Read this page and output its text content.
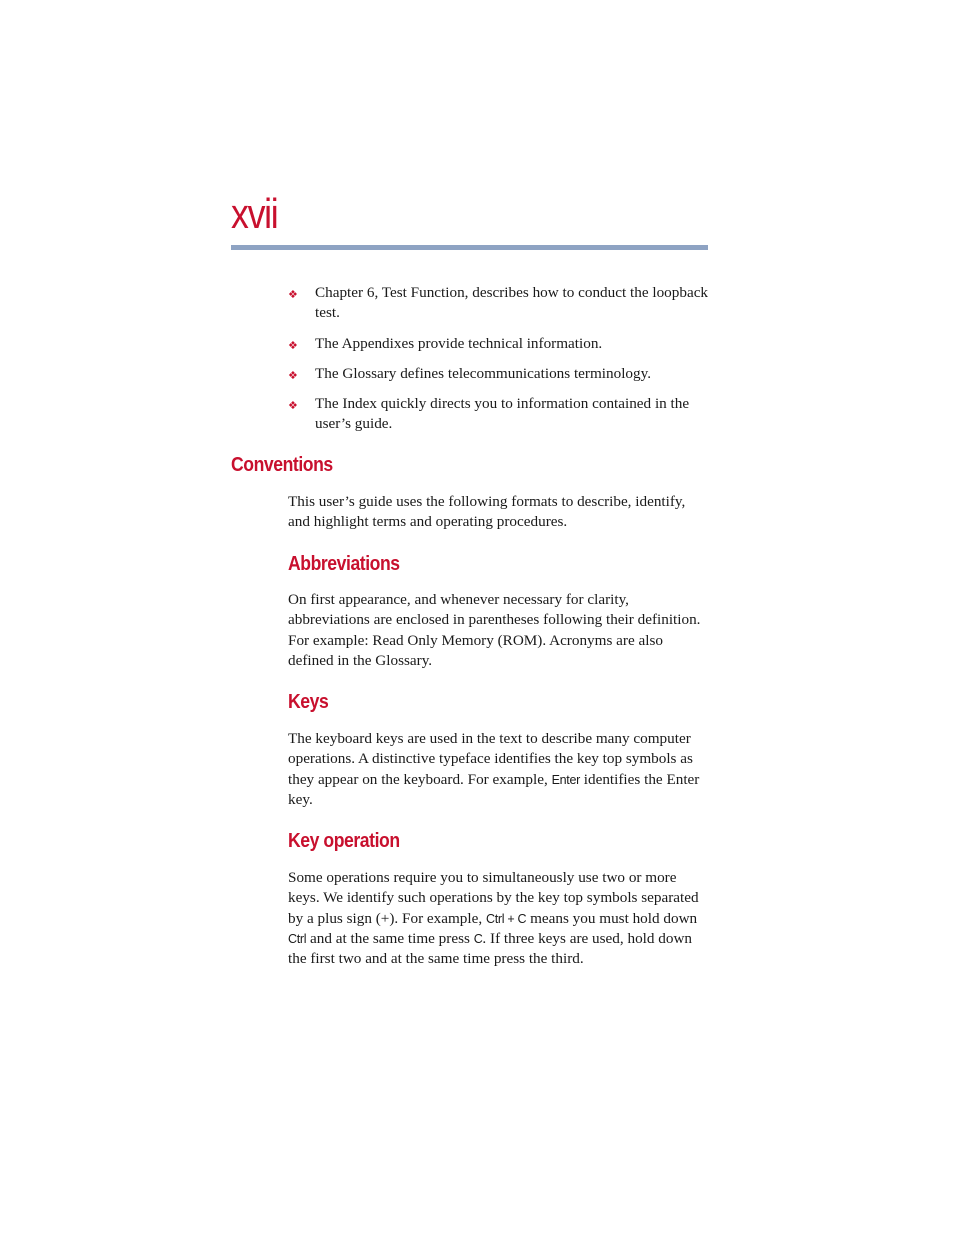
xvii
❖ Chapter 6, Test Function, describes how to conduct the loopback test.
❖ The Appendixes provide technical information.
❖ The Glossary defines telecommunications terminology.
❖ The Index quickly directs you to information contained in the user’s guide.
Conventions

This user’s guide uses the following formats to describe, identify, and highlight terms and operating procedures.

Abbreviations

On first appearance, and whenever necessary for clarity, abbreviations are enclosed in parentheses following their definition. For example: Read Only Memory (ROM). Acronyms are also defined in the Glossary.

Keys

The keyboard keys are used in the text to describe many computer operations. A distinctive typeface identifies the key top symbols as they appear on the keyboard. For example, Enter identifies the Enter key.

Key operation

Some operations require you to simultaneously use two or more keys. We identify such operations by the key top symbols separated by a plus sign (+). For example, Ctrl + C means you must hold down Ctrl and at the same time press C. If three keys are used, hold down the first two and at the same time press the third.
